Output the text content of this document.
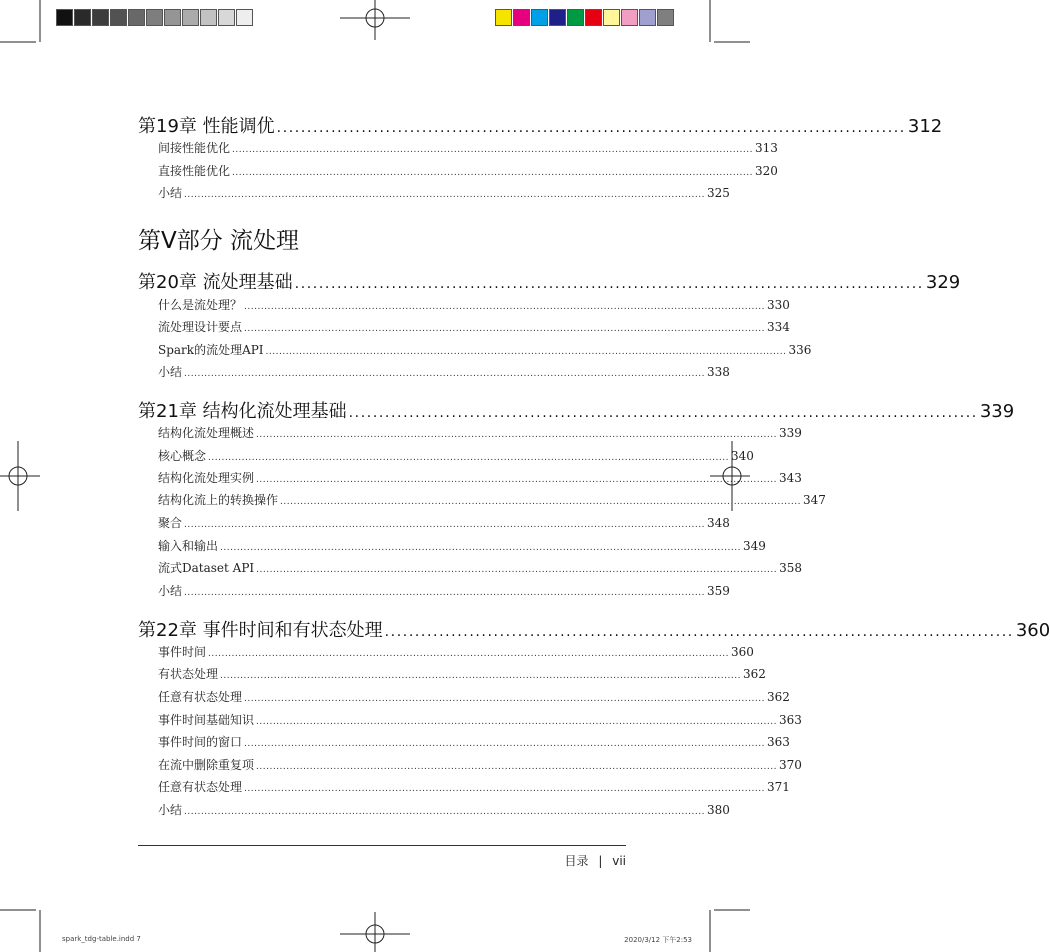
第19章 性能调优 ........................................................................................................ 312
间接性能优化 ........................................................................................................................................................... 313
直接性能优化 ........................................................................................................................................................... 320
小结 ........................................................................................................................................................... 325
第20章 流处理基础 ........................................................................................................ 329
什么是流处理？ ........................................................................................................................................................... 330
流处理设计要点 ........................................................................................................................................................... 334
Spark的流处理API ........................................................................................................................................................... 336
小结 ........................................................................................................................................................... 338
第21章 结构化流处理基础 ........................................................................................................ 339
结构化流处理概述 ........................................................................................................................................................... 339
核心概念 ........................................................................................................................................................... 340
结构化流处理实例 ........................................................................................................................................................... 343
结构化流上的转换操作 ........................................................................................................................................................... 347
聚合 ........................................................................................................................................................... 348
输入和输出 ........................................................................................................................................................... 349
流式Dataset API ........................................................................................................................................................... 358
小结 ........................................................................................................................................................... 359
第22章 事件时间和有状态处理 ........................................................................................................ 360
事件时间 ........................................................................................................................................................... 360
有状态处理 ........................................................................................................................................................... 362
任意有状态处理 ........................................................................................................................................................... 362
事件时间基础知识 ........................................................................................................................................................... 363
事件时间的窗口 ........................................................................................................................................................... 363
在流中删除重复项 ........................................................................................................................................................... 370
任意有状态处理 ........................................................................................................................................................... 371
小结 ........................................................................................................................................................... 380
第V部分 流处理
目录 | vii
spark_tdg-table.indd 7	2020/3/12 下午2:53
